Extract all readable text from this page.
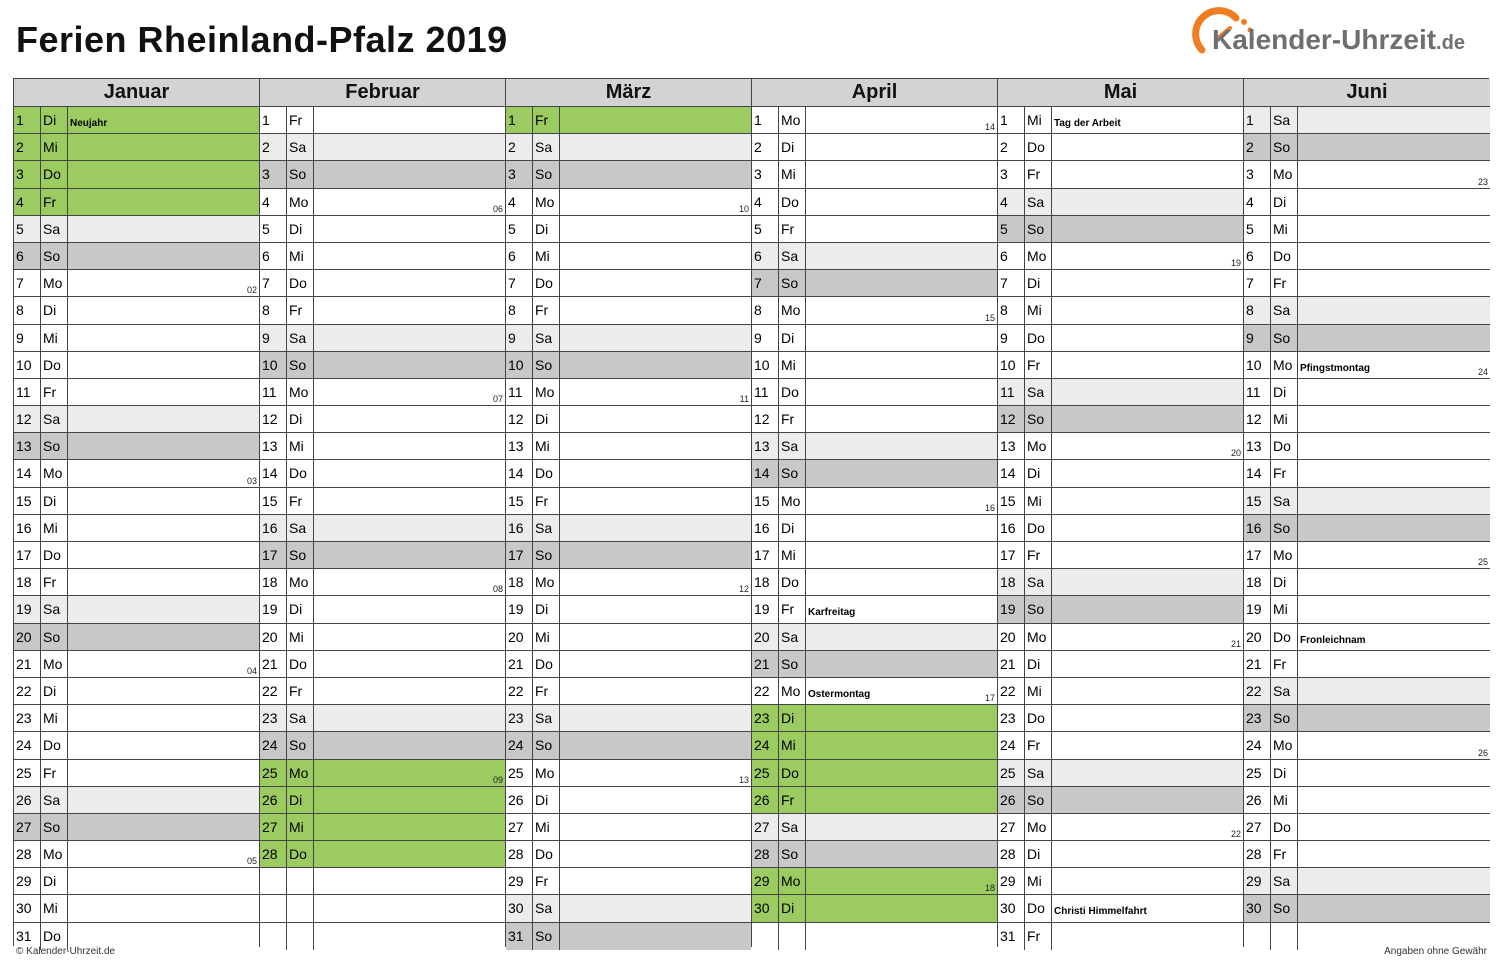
Ferien Rheinland-Pfalz 2019	Kalender-Uhrzeit.de
Januar
1	Di	Neujahr
2	Mi
3	Do
4	Fr
5	Sa
6	So
7	Mo	02
8	Di
9	Mi
10 Do
11 Fr
12 Sa
13 So
14 Mo	03
15 Di
16 Mi
17 Do
18 Fr
19 Sa
20 So
21 Mo	04
22 Di
23 Mi
24 Do
25 Fr
26 Sa
27 So
28 Mo	05
29 Di
30 Mi
31 Do
Februar
1	Fr
2	Sa
3	So
4	Mo	06
5	Di
6	Mi
7	Do
8	Fr
9	Sa
10 So
11 Mo	07
12 Di
13 Mi
14 Do
15 Fr
16 Sa
17 So
18 Mo	08
19 Di
20 Mi
21 Do
22 Fr
23 Sa
24 So
25 Mo	09
26 Di
27 Mi
28 Do
März
1	Fr
2	Sa
3	So
4	Mo	10
5	Di
6	Mi
7	Do
8	Fr
9	Sa
10 So
11 Mo	11
12 Di
13 Mi
14 Do
15 Fr
16 Sa
17 So
18 Mo	12
19 Di
20 Mi
21 Do
22 Fr
23 Sa
24 So
25 Mo	13
26 Di
27 Mi
28 Do
29 Fr
30 Sa
31 So
April
1	Mo	14
2	Di
3	Mi
4	Do
5	Fr
6	Sa
7	So
8	Mo	15
9	Di
10 Mi
11 Do
12 Fr
13 Sa
14 So
15 Mo	16
16 Di
17 Mi
18 Do
19 Fr	Karfreitag
20 Sa
21 So
22 Mo Ostermontag	17
23 Di
24 Mi
25 Do
26 Fr
27 Sa
28 So
29 Mo	18
30 Di
Mai
1	Mi	Tag der Arbeit
2	Do
3	Fr
4	Sa
5	So
6	Mo	19
7	Di
8	Mi
9	Do
10 Fr
11 Sa
12 So
13 Mo	20
14 Di
15 Mi
16 Do
17 Fr
18 Sa
19 So
20 Mo	21
21 Di
22 Mi
23 Do
24 Fr
25 Sa
26 So
27 Mo	22
28 Di
29 Mi
30 Do Christi Himmelfahrt
31 Fr
Juni
1	Sa
2	So
3	Mo	23
4	Di
5	Mi
6	Do
7	Fr
8	Sa
9	So
10 Mo Pfingstmontag	24
11 Di
12 Mi
13 Do
14 Fr
15 Sa
16 So
17 Mo	25
18 Di
19 Mi
20 Do Fronleichnam
21 Fr
22 Sa
23 So
24 Mo	26
25 Di
26 Mi
27 Do
28 Fr
29 Sa
30 So
© Kalender-Uhrzeit.de	Angaben ohne Gewähr
